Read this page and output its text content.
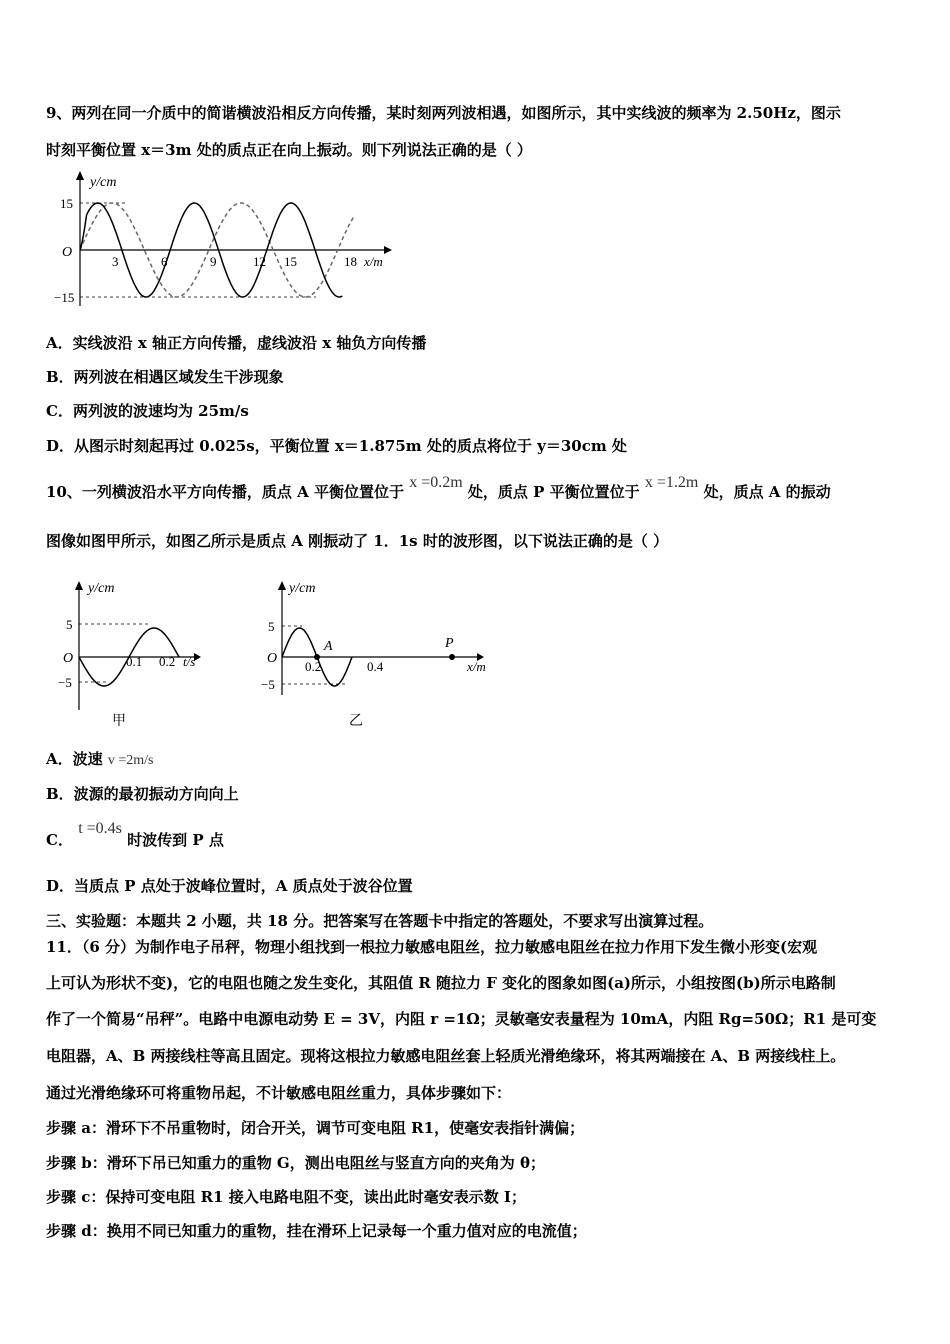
9、两列在同一介质中的简谐横波沿相反方向传播，某时刻两列波相遇，如图所示，其中实线波的频率为 2.50Hz，图示
时刻平衡位置 x＝3m 处的质点正在向上振动。则下列说法正确的是（ ）
y/cm
15
−15
O
3	6	9	12 15	18 x/m
A．实线波沿 x 轴正方向传播，虚线波沿 x 轴负方向传播
B．两列波在相遇区域发生干涉现象
C．两列波的波速均为 25m/s
D．从图示时刻起再过 0.025s，平衡位置 x＝1.875m 处的质点将位于 y＝30cm 处
10、一列横波沿水平方向传播，质点 A 平衡位置位于 x =0.2m 处，质点 P 平衡位置位于 x =1.2m 处，质点 A 的振动
图像如图甲所示，如图乙所示是质点 A 刚振动了 1．1s 时的波形图，以下说法正确的是（ ）
y/cm
5
−5
O	0.1 0.2 t/s
甲
A	P
y/cm
5
−5
O
0.2	0.4	x/m
乙
A．波速 v =2m/s
B．波源的最初振动方向向上
C． t =0.4s 时波传到 P 点
D．当质点 P 点处于波峰位置时，A 质点处于波谷位置
三、实验题：本题共 2 小题，共 18 分。把答案写在答题卡中指定的答题处，不要求写出演算过程。
11．（6 分）为制作电子吊秤，物理小组找到一根拉力敏感电阻丝，拉力敏感电阻丝在拉力作用下发生微小形变(宏观
上可认为形状不变)，它的电阻也随之发生变化，其阻值 R 随拉力 F 变化的图象如图(a)所示，小组按图(b)所示电路制
作了一个简易“吊秤”。电路中电源电动势 E = 3V，内阻 r =1Ω；灵敏毫安表量程为 10mA，内阻 Rg=50Ω；R1 是可变
电阻器，A、B 两接线柱等高且固定。现将这根拉力敏感电阻丝套上轻质光滑绝缘环，将其两端接在 A、B 两接线柱上。
通过光滑绝缘环可将重物吊起，不计敏感电阻丝重力，具体步骤如下：
步骤 a：滑环下不吊重物时，闭合开关，调节可变电阻 R1，使毫安表指针满偏；
步骤 b：滑环下吊已知重力的重物 G，测出电阻丝与竖直方向的夹角为 θ；
步骤 c：保持可变电阻 R1 接入电路电阻不变，读出此时毫安表示数 I；
步骤 d：换用不同已知重力的重物，挂在滑环上记录每一个重力值对应的电流值；
